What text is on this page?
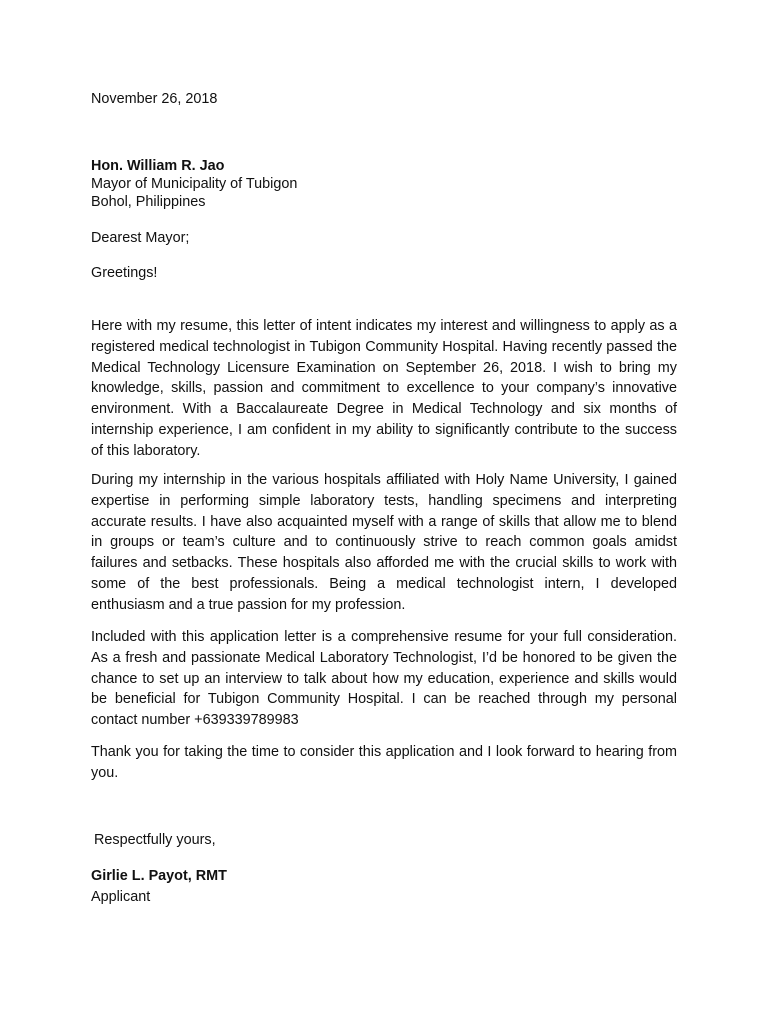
November 26, 2018

Hon. William R. Jao
Mayor of Municipality of Tubigon
Bohol, Philippines

Dearest Mayor;

Greetings!

Here with my resume, this letter of intent indicates my interest and willingness to apply as a registered medical technologist in Tubigon Community Hospital. Having recently passed the Medical Technology Licensure Examination on September 26, 2018. I wish to bring my knowledge, skills, passion and commitment to excellence to your company’s innovative environment. With a Baccalaureate Degree in Medical Technology and six months of internship experience, I am confident in my ability to significantly contribute to the success of this laboratory.

During my internship in the various hospitals affiliated with Holy Name University, I gained expertise in performing simple laboratory tests, handling specimens and interpreting accurate results. I have also acquainted myself with a range of skills that allow me to blend in groups or team’s culture and to continuously strive to reach common goals amidst failures and setbacks. These hospitals also afforded me with the crucial skills to work with some of the best professionals. Being a medical technologist intern, I developed enthusiasm and a true passion for my profession.

Included with this application letter is a comprehensive resume for your full consideration. As a fresh and passionate Medical Laboratory Technologist, I’d be honored to be given the chance to set up an interview to talk about how my education, experience and skills would be beneficial for Tubigon Community Hospital. I can be reached through my personal contact number +639339789983

Thank you for taking the time to consider this application and I look forward to hearing from you.

Respectfully yours,

Girlie L. Payot, RMT
Applicant
